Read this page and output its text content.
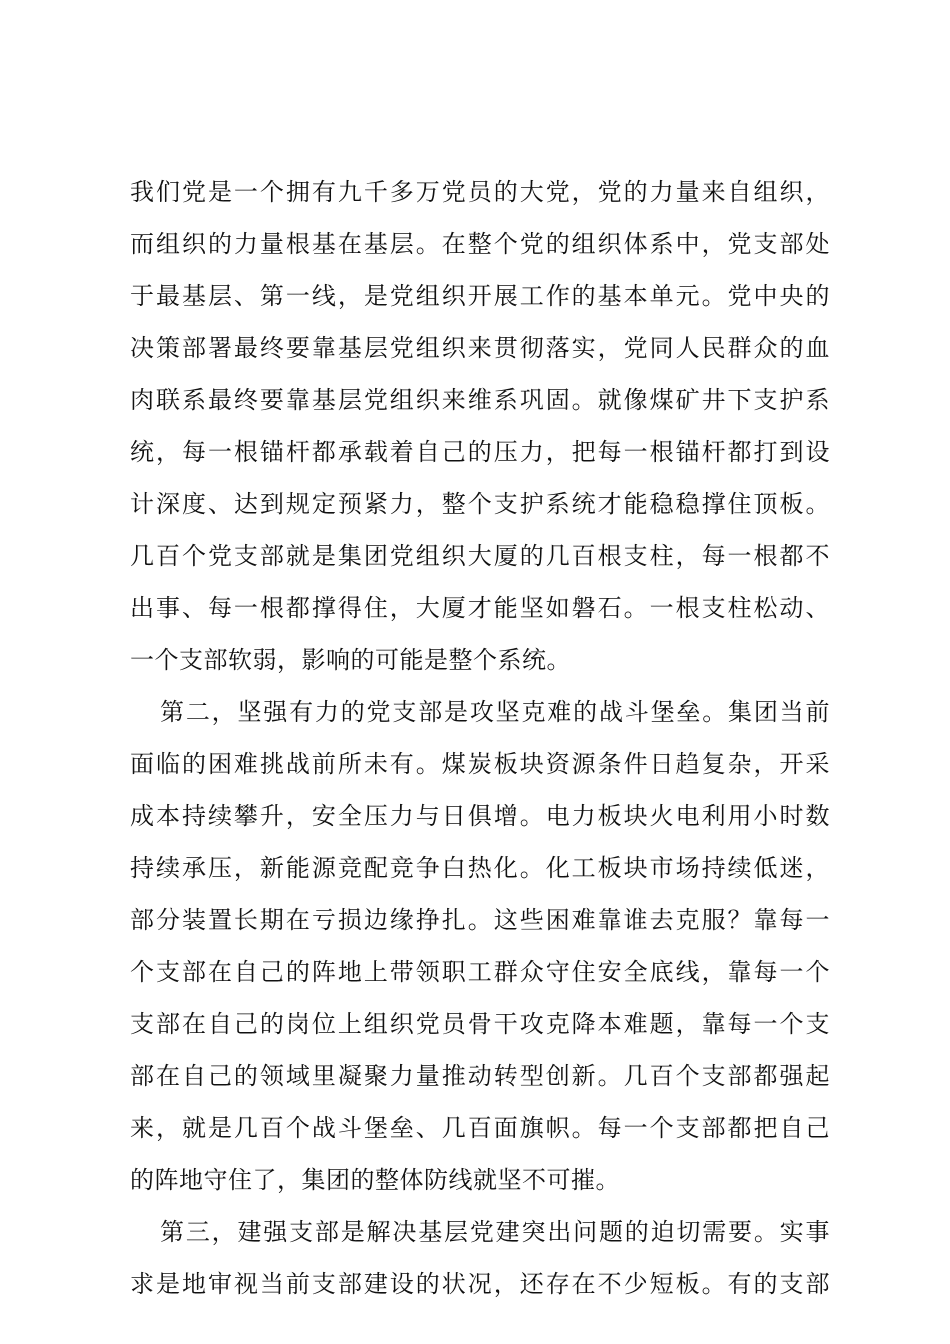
我们党是一个拥有九千多万党员的大党，党的力量来自组织，
而组织的力量根基在基层。在整个党的组织体系中，党支部处
于最基层、第一线，是党组织开展工作的基本单元。党中央的
决策部署最终要靠基层党组织来贯彻落实，党同人民群众的血
肉联系最终要靠基层党组织来维系巩固。就像煤矿井下支护系
统，每一根锚杆都承载着自己的压力，把每一根锚杆都打到设
计深度、达到规定预紧力，整个支护系统才能稳稳撑住顶板。
几百个党支部就是集团党组织大厦的几百根支柱，每一根都不
出事、每一根都撑得住，大厦才能坚如磐石。一根支柱松动、
一个支部软弱，影响的可能是整个系统。
第二，坚强有力的党支部是攻坚克难的战斗堡垒。集团当前
面临的困难挑战前所未有。煤炭板块资源条件日趋复杂，开采
成本持续攀升，安全压力与日俱增。电力板块火电利用小时数
持续承压，新能源竞配竞争白热化。化工板块市场持续低迷，
部分装置长期在亏损边缘挣扎。这些困难靠谁去克服？靠每一
个支部在自己的阵地上带领职工群众守住安全底线，靠每一个
支部在自己的岗位上组织党员骨干攻克降本难题，靠每一个支
部在自己的领域里凝聚力量推动转型创新。几百个支部都强起
来，就是几百个战斗堡垒、几百面旗帜。每一个支部都把自己
的阵地守住了，集团的整体防线就坚不可摧。
第三，建强支部是解决基层党建突出问题的迫切需要。实事
求是地审视当前支部建设的状况，还存在不少短板。有的支部
